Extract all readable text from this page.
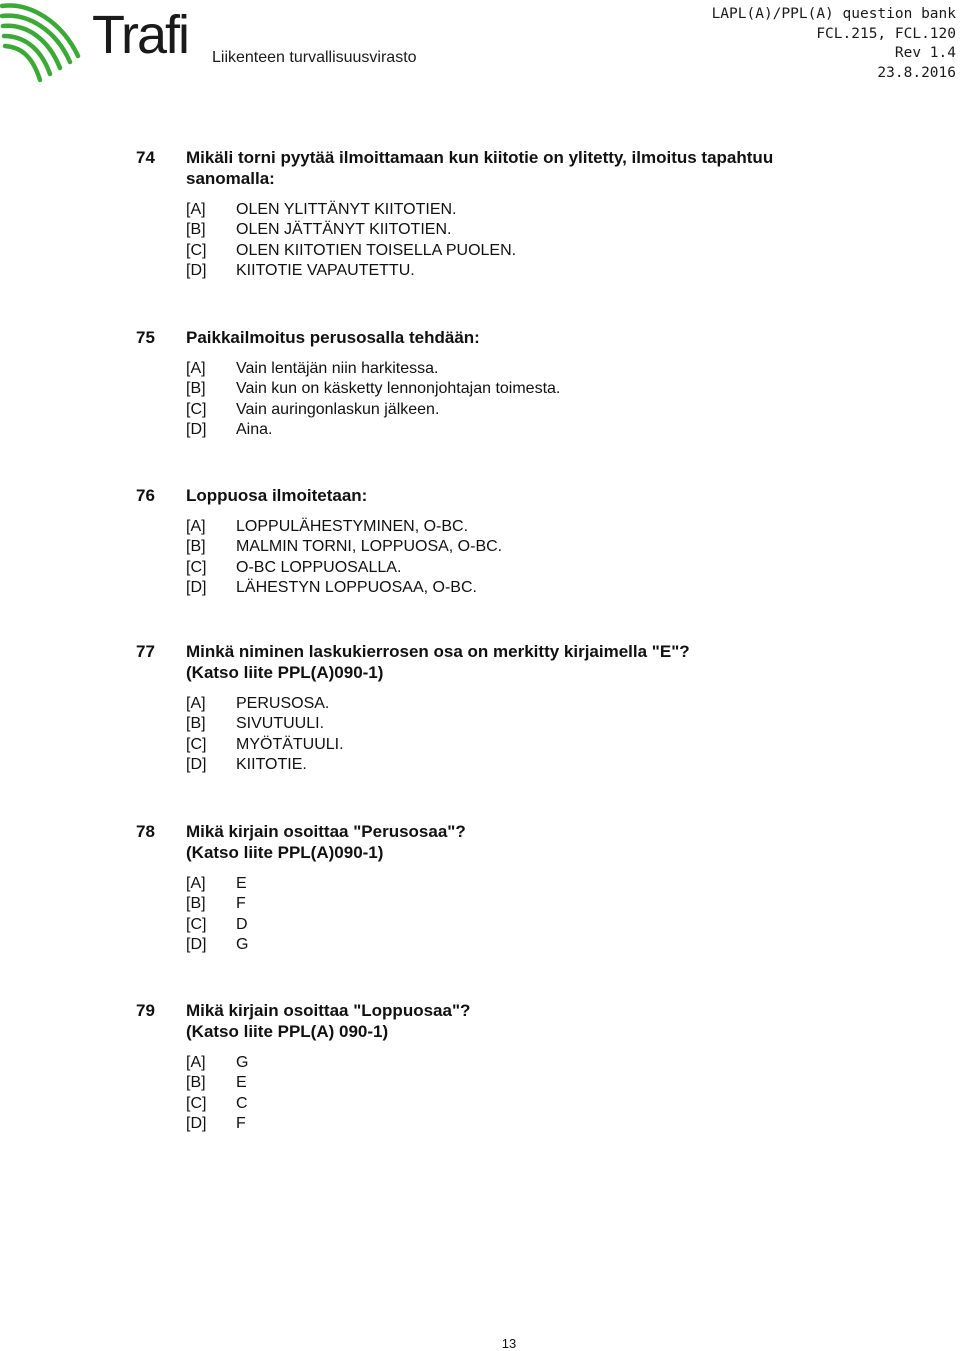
Trafi Liikenteen turvallisuusvirasto
LAPL(A)/PPL(A) question bank
FCL.215, FCL.120
Rev 1.4
23.8.2016
74 Mikäli torni pyytää ilmoittamaan kun kiitotie on ylitetty, ilmoitus tapahtuu
sanomalla:
[A]	OLEN YLITTÄNYT KIITOTIEN.
[B]	OLEN JÄTTÄNYT KIITOTIEN.
[C]	OLEN KIITOTIEN TOISELLA PUOLEN.
[D]	KIITOTIE VAPAUTETTU.
75 Paikkailmoitus perusosalla tehdään:
[A]	Vain lentäjän niin harkitessa.
[B]	Vain kun on käsketty lennonjohtajan toimesta.
[C]	Vain auringonlaskun jälkeen.
[D]	Aina.
76 Loppuosa ilmoitetaan:
[A]	LOPPULÄHESTYMINEN, O-BC.
[B]	MALMIN TORNI, LOPPUOSA, O-BC.
[C]	O-BC LOPPUOSALLA.
[D]	LÄHESTYN LOPPUOSAA, O-BC.
77 Minkä niminen laskukierrosen osa on merkitty kirjaimella "E"?
(Katso liite PPL(A)090-1)
[A]	PERUSOSA.
[B]	SIVUTUULI.
[C]	MYÖTÄTUULI.
[D]	KIITOTIE.
78 Mikä kirjain osoittaa "Perusosaa"?
(Katso liite PPL(A)090-1)
[A]	E
[B]	F
[C]	D
[D]	G
79 Mikä kirjain osoittaa "Loppuosaa"?
(Katso liite PPL(A) 090-1)
[A]	G
[B]	E
[C]	C
[D]	F
13
